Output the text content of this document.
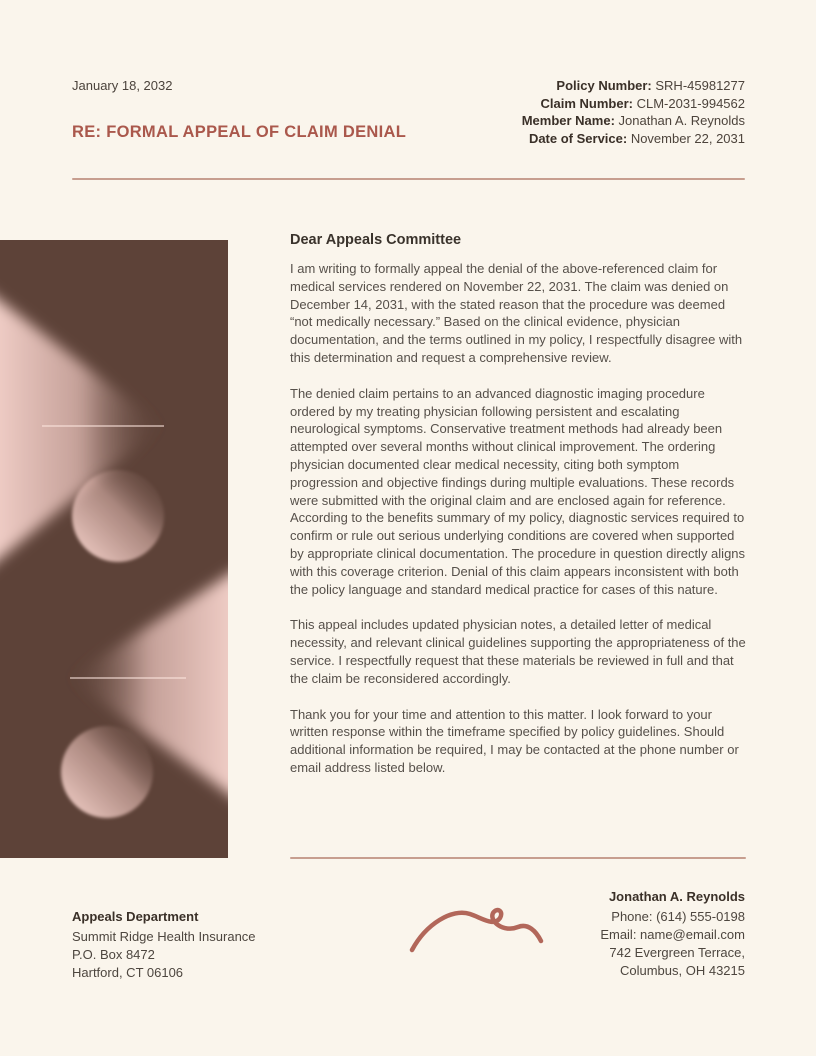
January 18, 2032
RE: FORMAL APPEAL OF CLAIM DENIAL
Policy Number: SRH-45981277
Claim Number: CLM-2031-994562
Member Name: Jonathan A. Reynolds
Date of Service: November 22, 2031
Dear Appeals Committee

I am writing to formally appeal the denial of the above-referenced claim for medical services rendered on November 22, 2031. The claim was denied on December 14, 2031, with the stated reason that the procedure was deemed “not medically necessary.” Based on the clinical evidence, physician documentation, and the terms outlined in my policy, I respectfully disagree with this determination and request a comprehensive review.

The denied claim pertains to an advanced diagnostic imaging procedure ordered by my treating physician following persistent and escalating neurological symptoms. Conservative treatment methods had already been attempted over several months without clinical improvement. The ordering physician documented clear medical necessity, citing both symptom progression and objective findings during multiple evaluations. These records were submitted with the original claim and are enclosed again for reference. According to the benefits summary of my policy, diagnostic services required to confirm or rule out serious underlying conditions are covered when supported by appropriate clinical documentation. The procedure in question directly aligns with this coverage criterion. Denial of this claim appears inconsistent with both the policy language and standard medical practice for cases of this nature.

This appeal includes updated physician notes, a detailed letter of medical necessity, and relevant clinical guidelines supporting the appropriateness of the service. I respectfully request that these materials be reviewed in full and that the claim be reconsidered accordingly.

Thank you for your time and attention to this matter. I look forward to your written response within the timeframe specified by policy guidelines. Should additional information be required, I may be contacted at the phone number or email address listed below.

Appeals Department
Summit Ridge Health Insurance
P.O. Box 8472
Hartford, CT 06106
Jonathan A. Reynolds
Phone: (614) 555-0198
Email: name@email.com
742 Evergreen Terrace,
Columbus, OH 43215
